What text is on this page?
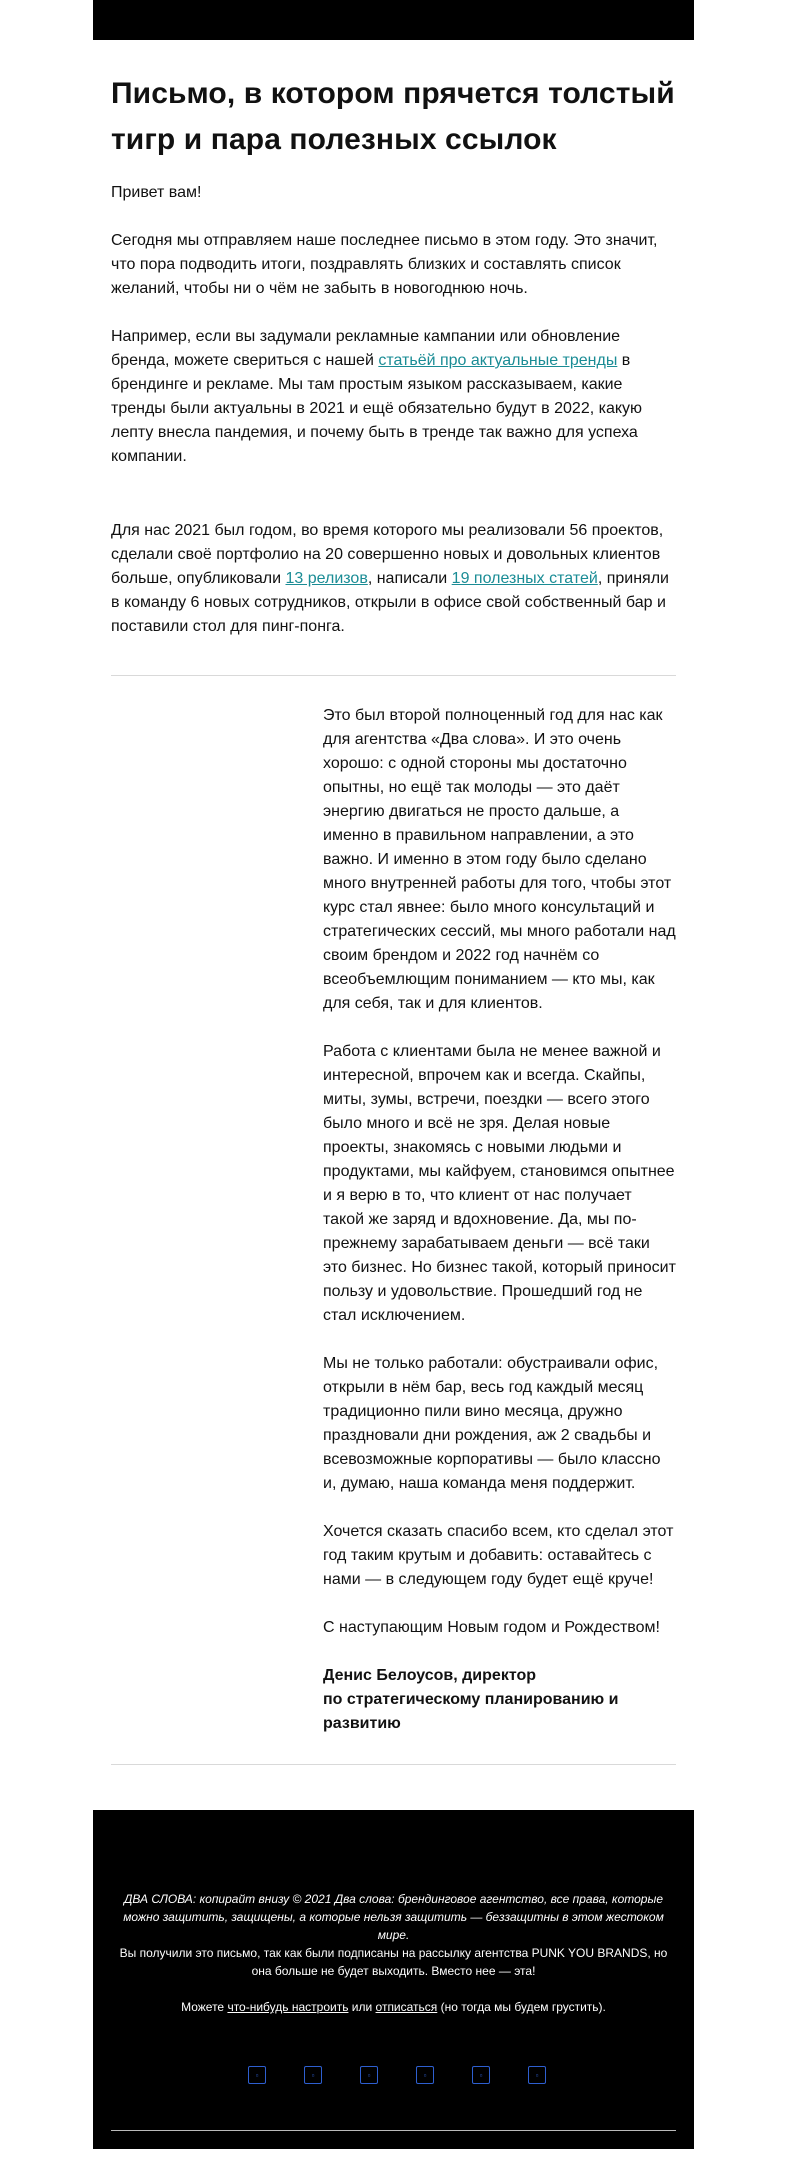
Письмо, в котором прячется толстый тигр и пара полезных ссылок

Привет вам!

Сегодня мы отправляем наше последнее письмо в этом году. Это значит, что пора подводить итоги, поздравлять близких и составлять список желаний, чтобы ни о чём не забыть в новогоднюю ночь.

Например, если вы задумали рекламные кампании или обновление бренда, можете свериться с нашей статьёй про актуальные тренды в брендинге и рекламе. Мы там простым языком рассказываем, какие тренды были актуальны в 2021 и ещё обязательно будут в 2022, какую лепту внесла пандемия, и почему быть в тренде так важно для успеха компании.

Для нас 2021 был годом, во время которого мы реализовали 56 проектов, сделали своё портфолио на 20 совершенно новых и довольных клиентов больше, опубликовали 13 релизов, написали 19 полезных статей, приняли в команду 6 новых сотрудников, открыли в офисе свой собственный бар и поставили стол для пинг-понга.

Это был второй полноценный год для нас как для агентства «Два слова». И это очень хорошо: с одной стороны мы достаточно опытны, но ещё так молоды — это даёт энергию двигаться не просто дальше, а именно в правильном направлении, а это важно. И именно в этом году было сделано много внутренней работы для того, чтобы этот курс стал явнее: было много консультаций и стратегических сессий, мы много работали над своим брендом и 2022 год начнём со всеобъемлющим пониманием — кто мы, как для себя, так и для клиентов.

Работа с клиентами была не менее важной и интересной, впрочем как и всегда. Скайпы, миты, зумы, встречи, поездки — всего этого было много и всё не зря. Делая новые проекты, знакомясь с новыми людьми и продуктами, мы кайфуем, становимся опытнее и я верю в то, что клиент от нас получает такой же заряд и вдохновение. Да, мы по-прежнему зарабатываем деньги — всё таки это бизнес. Но бизнес такой, который приносит пользу и удовольствие. Прошедший год не стал исключением.

Мы не только работали: обустраивали офис, открыли в нём бар, весь год каждый месяц традиционно пили вино месяца, дружно праздновали дни рождения, аж 2 свадьбы и всевозможные корпоративы — было классно и, думаю, наша команда меня поддержит.

Хочется сказать спасибо всем, кто сделал этот год таким крутым и добавить: оставайтесь с нами — в следующем году будет ещё круче!

С наступающим Новым годом и Рождеством!

Денис Белоусов, директор
по стратегическому планированию и развитию
ДВА СЛОВА: копирайт внизу © 2021 Два слова: брендинговое агентство, все права, которые можно защитить, защищены, а которые нельзя защитить — беззащитны в этом жестоком мире.
Вы получили это письмо, так как были подписаны на рассылку агентства PUNK YOU BRANDS, но она больше не будет выходить. Вместо нее — эта!
Можете что-нибудь настроить или отписаться (но тогда мы будем грустить).
▫	▫	▫	▫	▫	▫
